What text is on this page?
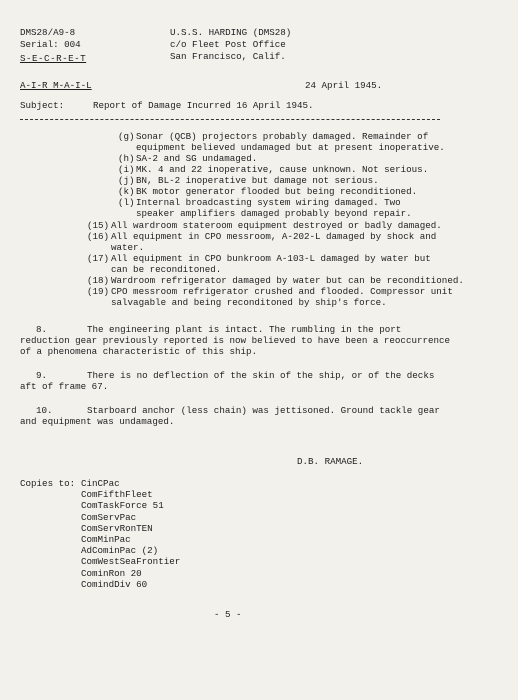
DMS28/A9-8
Serial: 004
S-E-C-R-E-T
U.S.S. HARDING (DMS28)
c/o Fleet Post Office
San Francisco, Calif.
A-I-R M-A-I-L	24 April 1945.
Subject:	Report of Damage Incurred 16 April 1945.
(g) Sonar (QCB) projectors probably damaged. Remainder of
equipment believed undamaged but at present inoperative.
(h) SA-2 and SG undamaged.
(i) MK. 4 and 22 inoperative, cause unknown. Not serious.
(j) BN, BL-2 inoperative but damage not serious.
(k) BK motor generator flooded but being reconditioned.
(l) Internal broadcasting system wiring damaged. Two
speaker amplifiers damaged probably beyond repair.
(15) All wardroom stateroom equipment destroyed or badly damaged.
(16) All equipment in CPO messroom, A-202-L damaged by shock and
water.
(17) All equipment in CPO bunkroom A-103-L damaged by water but
can be reconditoned.
(18) Wardroom refrigerator damaged by water but can be reconditioned.
(19) CPO messroom refrigerator crushed and flooded. Compressor unit
salvagable and being reconditoned by ship's force.
8.	The engineering plant is intact. The rumbling in the port
reduction gear previously reported is now believed to have been a reoccurrence
of a phenomena characteristic of this ship.
9.	There is no deflection of the skin of the ship, or of the decks
aft of frame 67.
10.	Starboard anchor (less chain) was jettisoned. Ground tackle gear
and equipment was undamaged.
D.B. RAMAGE.
Copies to: CinCPac
ComFifthFleet
ComTaskForce 51
ComServPac
ComServRonTEN
ComMinPac
AdCominPac (2)
ComWestSeaFrontier
CominRon 20
ComindDiv 60
- 5 -
